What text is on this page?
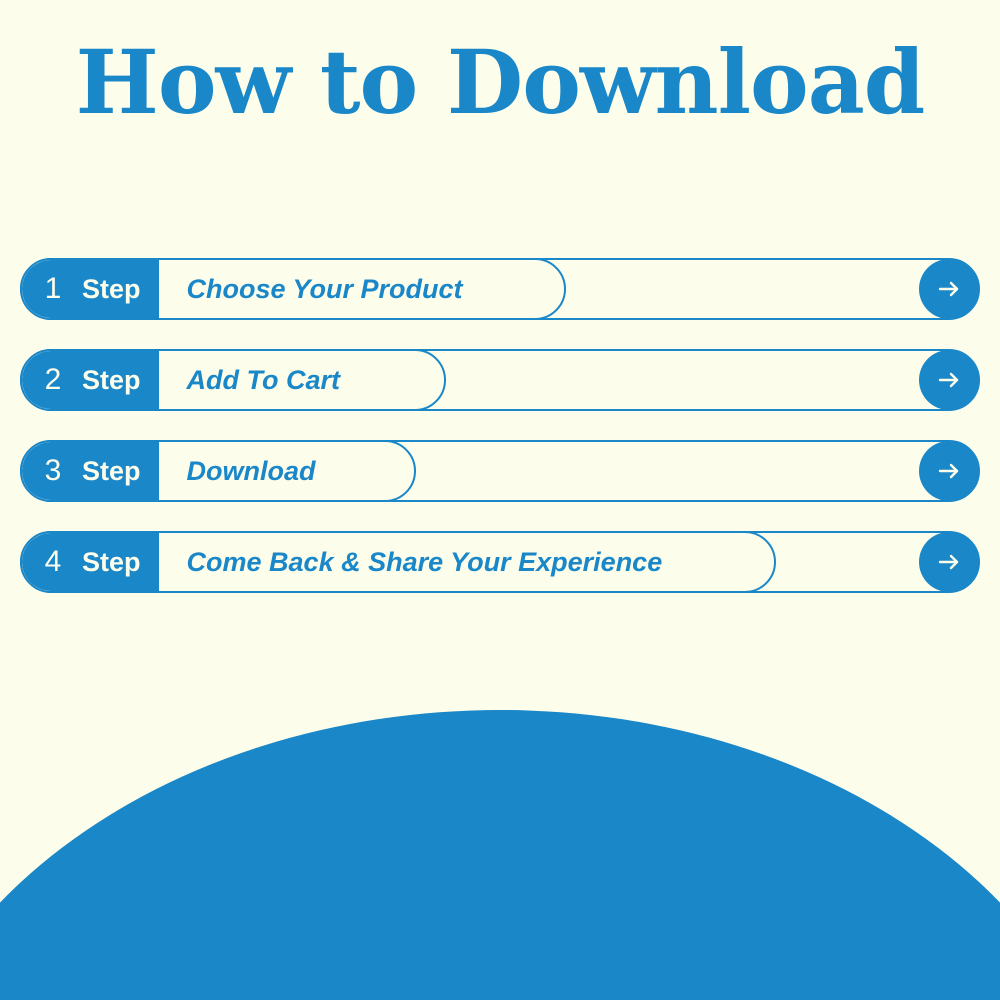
How to Download
1 Step	Choose Your Product
2 Step	Add To Cart
3 Step	Download
4 Step	Come Back & Share Your Experience
